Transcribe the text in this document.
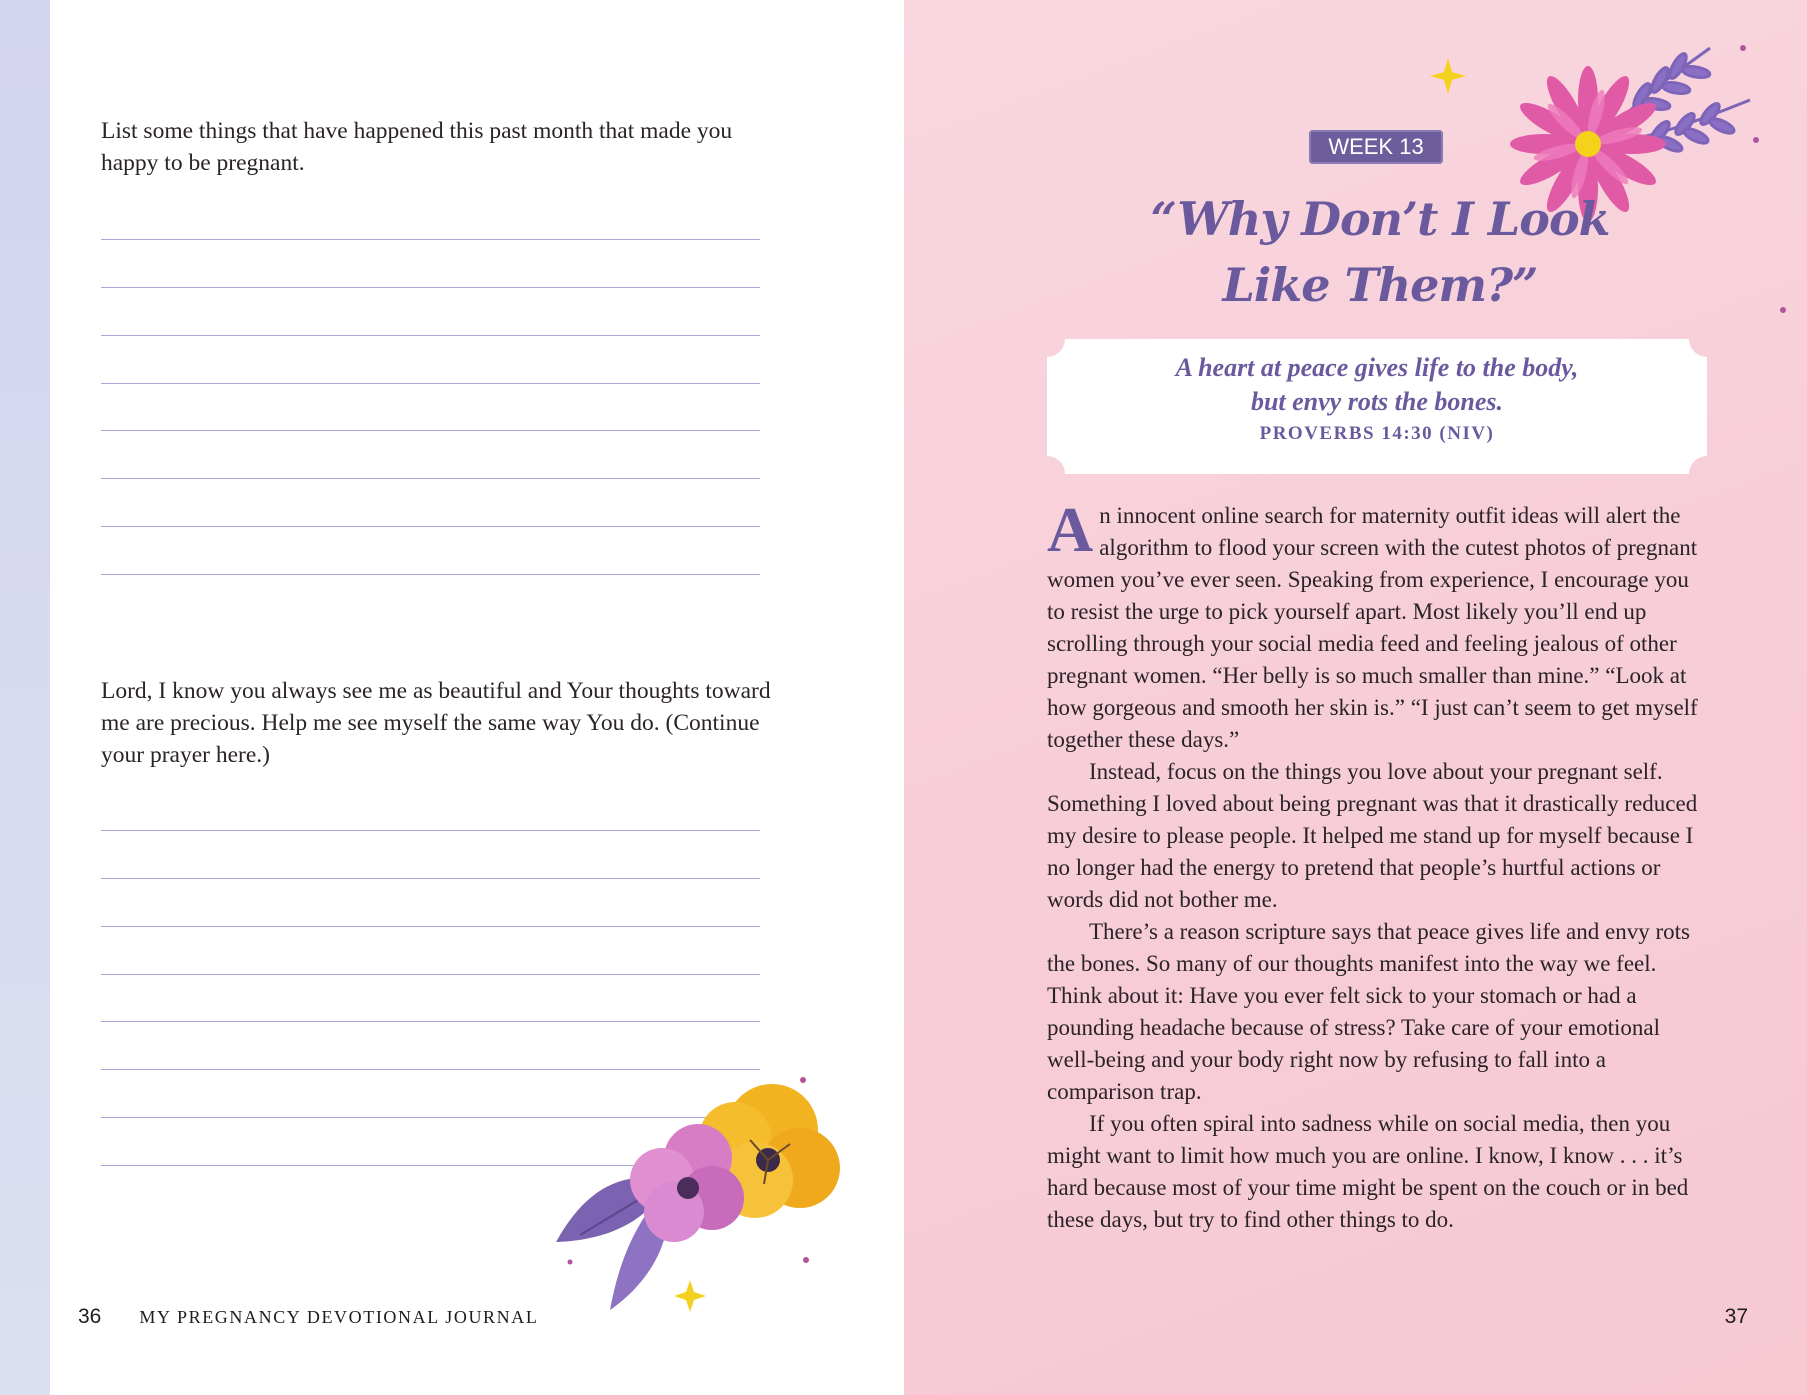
List some things that have happened this past month that made you happy to be pregnant.

Lord, I know you always see me as beautiful and Your thoughts toward me are precious. Help me see myself the same way You do. (Continue your prayer here.)

36 MY PREGNANCY DEVOTIONAL JOURNAL
WEEK 13
“Why Don’t I Look
Like Them?”
A heart at peace gives life to the body,
but envy rots the bones.
PROVERBS 14:30 (NIV)

An innocent online search for maternity outfit ideas will alert the algorithm to flood your screen with the cutest photos of pregnant women you’ve ever seen. Speaking from experience, I encourage you to resist the urge to pick yourself apart. Most likely you’ll end up scrolling through your social media feed and feeling jealous of other pregnant women. “Her belly is so much smaller than mine.” “Look at how gorgeous and smooth her skin is.” “I just can’t seem to get myself together these days.”

Instead, focus on the things you love about your pregnant self. Something I loved about being pregnant was that it drastically reduced my desire to please people. It helped me stand up for myself because I no longer had the energy to pretend that people’s hurtful actions or words did not bother me.

There’s a reason scripture says that peace gives life and envy rots the bones. So many of our thoughts manifest into the way we feel. Think about it: Have you ever felt sick to your stomach or had a pounding headache because of stress? Take care of your emotional well-being and your body right now by refusing to fall into a comparison trap.

If you often spiral into sadness while on social media, then you might want to limit how much you are online. I know, I know . . . it’s hard because most of your time might be spent on the couch or in bed these days, but try to find other things to do.

37
